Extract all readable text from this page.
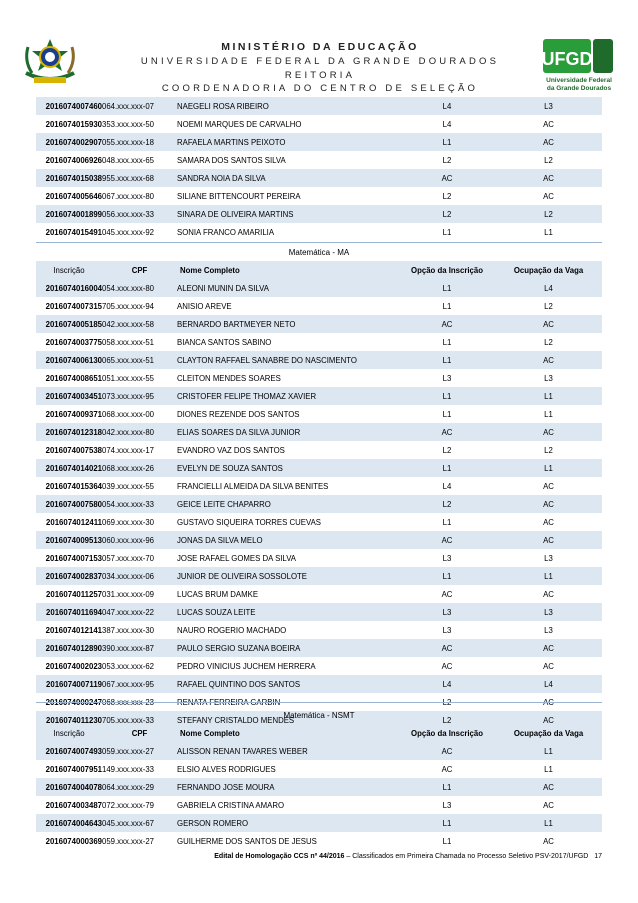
MINISTÉRIO DA EDUCAÇÃO
UNIVERSIDADE FEDERAL DA GRANDE DOURADOS
REITORIA
COORDENADORIA DO CENTRO DE SELEÇÃO
UFGD
Universidade Federal
da Grande Dourados
2016074007460	064.xxx.xxx-07	NAEGELI ROSA RIBEIRO	L4	L3
2016074015930	353.xxx.xxx-50	NOEMI MARQUES DE CARVALHO	L4	AC
2016074002907	055.xxx.xxx-18	RAFAELA MARTINS PEIXOTO	L1	AC
2016074006926	048.xxx.xxx-65	SAMARA DOS SANTOS SILVA	L2	L2
2016074015038	955.xxx.xxx-68	SANDRA NOIA DA SILVA	AC	AC
2016074005646	067.xxx.xxx-80	SILIANE BITTENCOURT PEREIRA	L2	AC
2016074001899	056.xxx.xxx-33	SINARA DE OLIVEIRA MARTINS	L2	L2
2016074015491	045.xxx.xxx-92	SONIA FRANCO AMARILIA	L1	L1
Matemática - MA
Inscrição	CPF	Nome Completo	Opção da Inscrição	Ocupação da Vaga
2016074016004	054.xxx.xxx-80	ALEONI MUNIN DA SILVA	L1	L4
2016074007315	705.xxx.xxx-94	ANISIO AREVE	L1	L2
2016074005185	042.xxx.xxx-58	BERNARDO BARTMEYER NETO	AC	AC
2016074003775	058.xxx.xxx-51	BIANCA SANTOS SABINO	L1	L2
2016074006130	065.xxx.xxx-51	CLAYTON RAFFAEL SANABRE DO NASCIMENTO	L1	AC
2016074008651	051.xxx.xxx-55	CLEITON MENDES SOARES	L3	L3
2016074003451	073.xxx.xxx-95	CRISTOFER FELIPE THOMAZ XAVIER	L1	L1
2016074009371	068.xxx.xxx-00	DIONES REZENDE DOS SANTOS	L1	L1
2016074012318	042.xxx.xxx-80	ELIAS SOARES DA SILVA JUNIOR	AC	AC
2016074007538	074.xxx.xxx-17	EVANDRO VAZ DOS SANTOS	L2	L2
2016074014021	068.xxx.xxx-26	EVELYN DE SOUZA SANTOS	L1	L1
2016074015364	039.xxx.xxx-55	FRANCIELLI ALMEIDA DA SILVA BENITES	L4	AC
2016074007580	054.xxx.xxx-33	GEICE LEITE CHAPARRO	L2	AC
2016074012411	069.xxx.xxx-30	GUSTAVO SIQUEIRA TORRES CUEVAS	L1	AC
2016074009513	060.xxx.xxx-96	JONAS DA SILVA MELO	AC	AC
2016074007153	057.xxx.xxx-70	JOSE RAFAEL GOMES DA SILVA	L3	L3
2016074002837	034.xxx.xxx-06	JUNIOR DE OLIVEIRA SOSSOLOTE	L1	L1
2016074011257	031.xxx.xxx-09	LUCAS BRUM DAMKE	AC	AC
2016074011694	047.xxx.xxx-22	LUCAS SOUZA LEITE	L3	L3
2016074012141	387.xxx.xxx-30	NAURO ROGERIO MACHADO	L3	L3
2016074012890	390.xxx.xxx-87	PAULO SERGIO SUZANA BOEIRA	AC	AC
2016074002023	053.xxx.xxx-62	PEDRO VINICIUS JUCHEM HERRERA	AC	AC
2016074007119	067.xxx.xxx-95	RAFAEL QUINTINO DOS SANTOS	L4	L4
2016074000247	068.xxx.xxx-23	RENATA FERREIRA GARBIN	L2	AC
2016074011230	705.xxx.xxx-33	STEFANY CRISTALDO MENDES	L2	AC
Matemática - NSMT
Inscrição	CPF	Nome Completo	Opção da Inscrição	Ocupação da Vaga
2016074007493	059.xxx.xxx-27	ALISSON RENAN TAVARES WEBER	AC	L1
2016074007951	149.xxx.xxx-33	ELSIO ALVES RODRIGUES	AC	L1
2016074004078	064.xxx.xxx-29	FERNANDO JOSE MOURA	L1	AC
2016074003487	072.xxx.xxx-79	GABRIELA CRISTINA AMARO	L3	AC
2016074004643	045.xxx.xxx-67	GERSON ROMERO	L1	L1
2016074000369	059.xxx.xxx-27	GUILHERME DOS SANTOS DE JESUS	L1	AC
Edital de Homologação CCS nº 44/2016 – Classificados em Primeira Chamada no Processo Seletivo PSV-2017/UFGD 17
